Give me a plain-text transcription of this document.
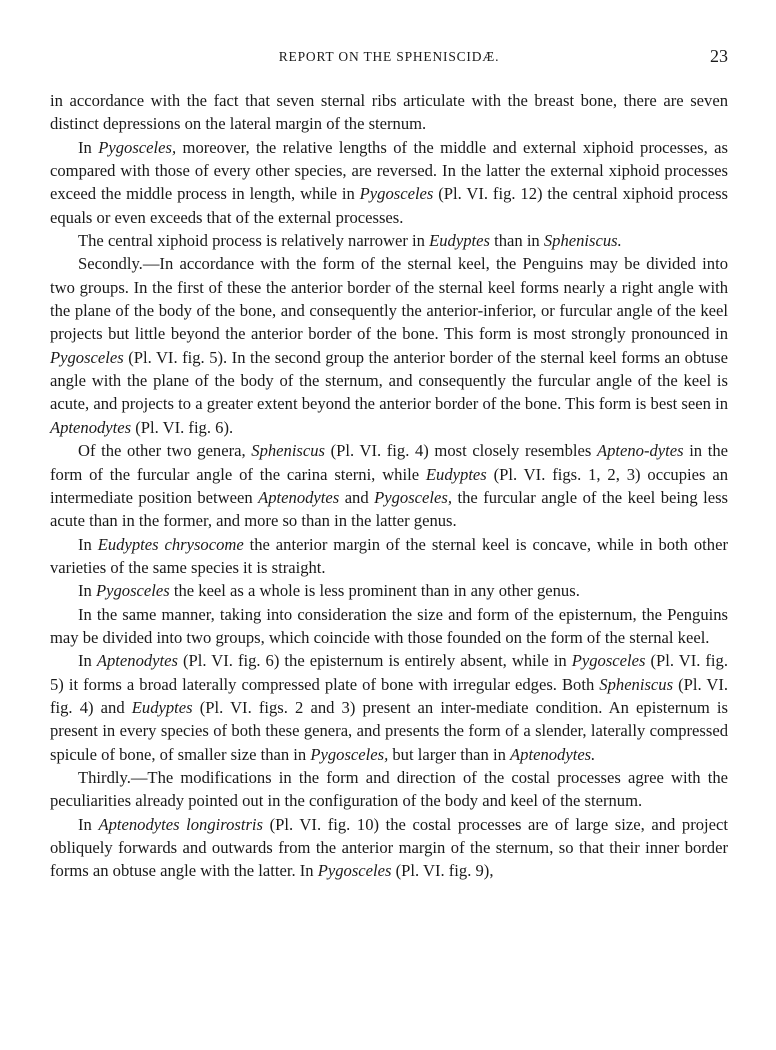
REPORT ON THE SPHENISCIDÆ.	23

in accordance with the fact that seven sternal ribs articulate with the breast bone, there are seven distinct depressions on the lateral margin of the sternum.

In Pygosceles, moreover, the relative lengths of the middle and external xiphoid processes, as compared with those of every other species, are reversed. In the latter the external xiphoid processes exceed the middle process in length, while in Pygosceles (Pl. VI. fig. 12) the central xiphoid process equals or even exceeds that of the external processes.

The central xiphoid process is relatively narrower in Eudyptes than in Spheniscus.

Secondly.—In accordance with the form of the sternal keel, the Penguins may be divided into two groups. In the first of these the anterior border of the sternal keel forms nearly a right angle with the plane of the body of the bone, and consequently the anterior-inferior, or furcular angle of the keel projects but little beyond the anterior border of the bone. This form is most strongly pronounced in Pygosceles (Pl. VI. fig. 5). In the second group the anterior border of the sternal keel forms an obtuse angle with the plane of the body of the sternum, and consequently the furcular angle of the keel is acute, and projects to a greater extent beyond the anterior border of the bone. This form is best seen in Aptenodytes (Pl. VI. fig. 6).

Of the other two genera, Spheniscus (Pl. VI. fig. 4) most closely resembles Apteno-dytes in the form of the furcular angle of the carina sterni, while Eudyptes (Pl. VI. figs. 1, 2, 3) occupies an intermediate position between Aptenodytes and Pygosceles, the furcular angle of the keel being less acute than in the former, and more so than in the latter genus.

In Eudyptes chrysocome the anterior margin of the sternal keel is concave, while in both other varieties of the same species it is straight.

In Pygosceles the keel as a whole is less prominent than in any other genus.

In the same manner, taking into consideration the size and form of the episternum, the Penguins may be divided into two groups, which coincide with those founded on the form of the sternal keel.

In Aptenodytes (Pl. VI. fig. 6) the episternum is entirely absent, while in Pygosceles (Pl. VI. fig. 5) it forms a broad laterally compressed plate of bone with irregular edges. Both Spheniscus (Pl. VI. fig. 4) and Eudyptes (Pl. VI. figs. 2 and 3) present an inter-mediate condition. An episternum is present in every species of both these genera, and presents the form of a slender, laterally compressed spicule of bone, of smaller size than in Pygosceles, but larger than in Aptenodytes.

Thirdly.—The modifications in the form and direction of the costal processes agree with the peculiarities already pointed out in the configuration of the body and keel of the sternum.

In Aptenodytes longirostris (Pl. VI. fig. 10) the costal processes are of large size, and project obliquely forwards and outwards from the anterior margin of the sternum, so that their inner border forms an obtuse angle with the latter. In Pygosceles (Pl. VI. fig. 9),
